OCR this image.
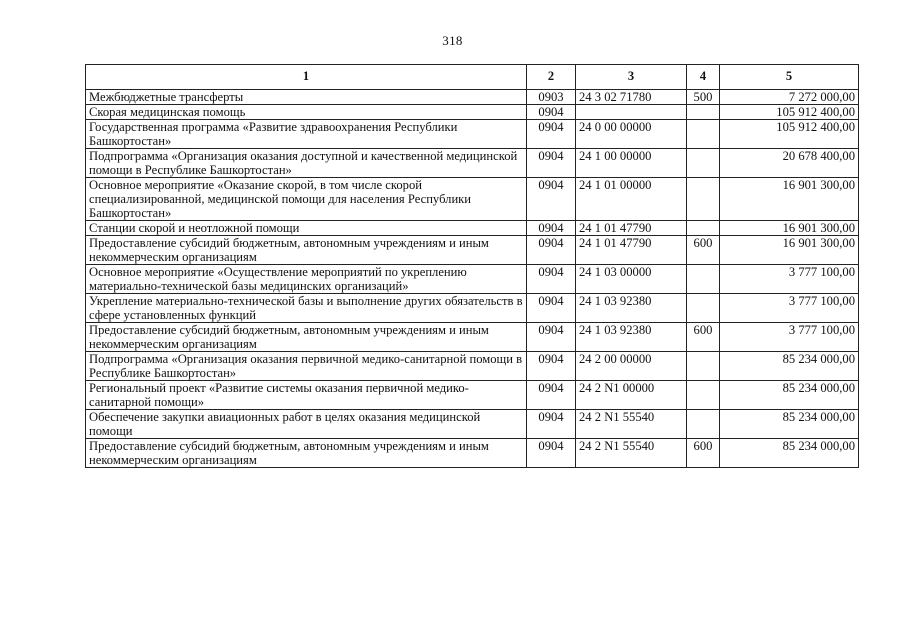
318
1	2	3	4	5
Межбюджетные трансферты	0903	24 3 02 71780	500	7 272 000,00
Скорая медицинская помощь	0904			105 912 400,00
Государственная программа «Развитие здравоохранения Республики Башкортостан»	0904	24 0 00 00000		105 912 400,00
Подпрограмма «Организация оказания доступной и качественной медицинской помощи в Республике Башкортостан»	0904	24 1 00 00000		20 678 400,00
Основное мероприятие «Оказание скорой, в том числе скорой специализированной, медицинской помощи для населения Республики Башкортостан»	0904	24 1 01 00000		16 901 300,00
Станции скорой и неотложной помощи	0904	24 1 01 47790		16 901 300,00
Предоставление субсидий бюджетным, автономным учреждениям и иным некоммерческим организациям	0904	24 1 01 47790	600	16 901 300,00
Основное мероприятие «Осуществление мероприятий по укреплению материально-технической базы медицинских организаций»	0904	24 1 03 00000		3 777 100,00
Укрепление материально-технической базы и выполнение других обязательств в сфере установленных функций	0904	24 1 03 92380		3 777 100,00
Предоставление субсидий бюджетным, автономным учреждениям и иным некоммерческим организациям	0904	24 1 03 92380	600	3 777 100,00
Подпрограмма «Организация оказания первичной медико-санитарной помощи в Республике Башкортостан»	0904	24 2 00 00000		85 234 000,00
Региональный проект «Развитие системы оказания первичной медико-санитарной помощи»	0904	24 2 N1 00000		85 234 000,00
Обеспечение закупки авиационных работ в целях оказания медицинской помощи	0904	24 2 N1 55540		85 234 000,00
Предоставление субсидий бюджетным, автономным учреждениям и иным некоммерческим организациям	0904	24 2 N1 55540	600	85 234 000,00
